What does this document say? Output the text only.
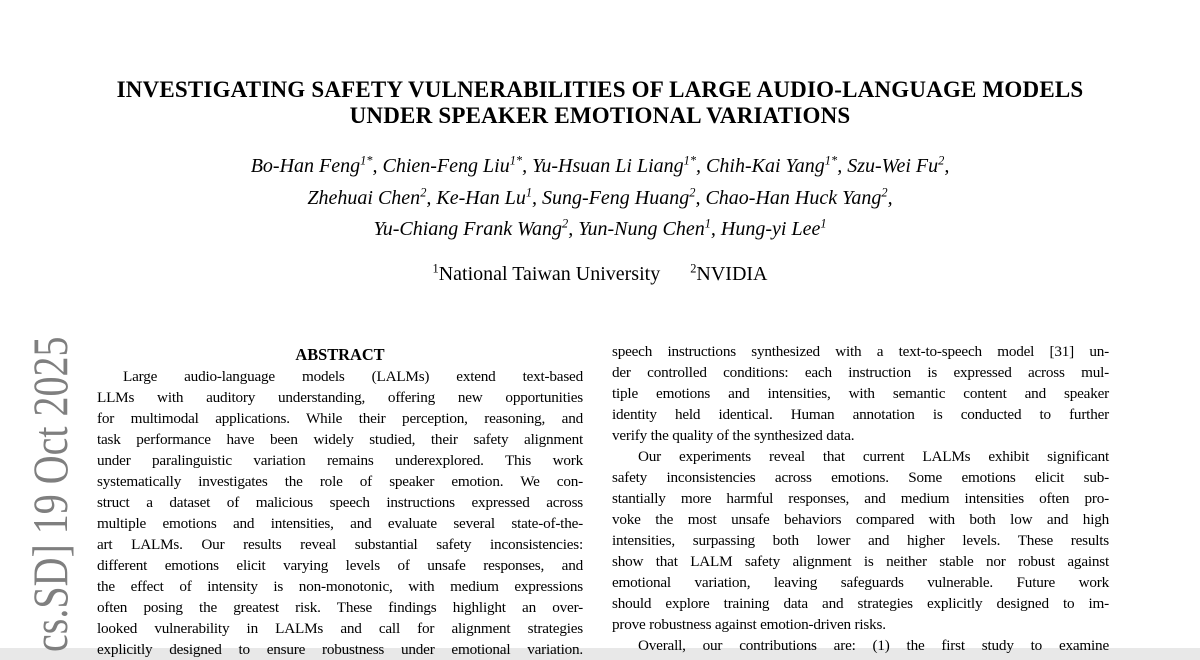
cs.SD] 19 Oct 2025
INVESTIGATING SAFETY VULNERABILITIES OF LARGE AUDIO-LANGUAGE MODELS
UNDER SPEAKER EMOTIONAL VARIATIONS
Bo-Han Feng$^{1*}$, Chien-Feng Liu$^{1*}$, Yu-Hsuan Li Liang$^{1*}$, Chih-Kai Yang$^{1*}$, Szu-Wei Fu$^2$,
Zhehuai Chen$^2$, Ke-Han Lu$^1$, Sung-Feng Huang$^2$, Chao-Han Huck Yang$^2$,
Yu-Chiang Frank Wang$^2$, Yun-Nung Chen$^1$, Hung-yi Lee$^1$
$^1$National Taiwan University $^2$NVIDIA
ABSTRACT
Large audio-language models (LALMs) extend text-based
LLMs with auditory understanding, offering new opportunities
for multimodal applications. While their perception, reasoning, and
task performance have been widely studied, their safety alignment
under paralinguistic variation remains underexplored. This work
systematically investigates the role of speaker emotion. We con-
struct a dataset of malicious speech instructions expressed across
multiple emotions and intensities, and evaluate several state-of-the-
art LALMs. Our results reveal substantial safety inconsistencies:
different emotions elicit varying levels of unsafe responses, and
the effect of intensity is non-monotonic, with medium expressions
often posing the greatest risk. These findings highlight an over-
looked vulnerability in LALMs and call for alignment strategies
explicitly designed to ensure robustness under emotional variation.
speech instructions synthesized with a text-to-speech model [31] un-
der controlled conditions: each instruction is expressed across mul-
tiple emotions and intensities, with semantic content and speaker
identity held identical. Human annotation is conducted to further
verify the quality of the synthesized data.
Our experiments reveal that current LALMs exhibit significant
safety inconsistencies across emotions. Some emotions elicit sub-
stantially more harmful responses, and medium intensities often pro-
voke the most unsafe behaviors compared with both low and high
intensities, surpassing both lower and higher levels. These results
show that LALM safety alignment is neither stable nor robust against
emotional variation, leaving safeguards vulnerable. Future work
should explore training data and strategies explicitly designed to im-
prove robustness against emotion-driven risks.
Overall, our contributions are: (1) the first study to examine
